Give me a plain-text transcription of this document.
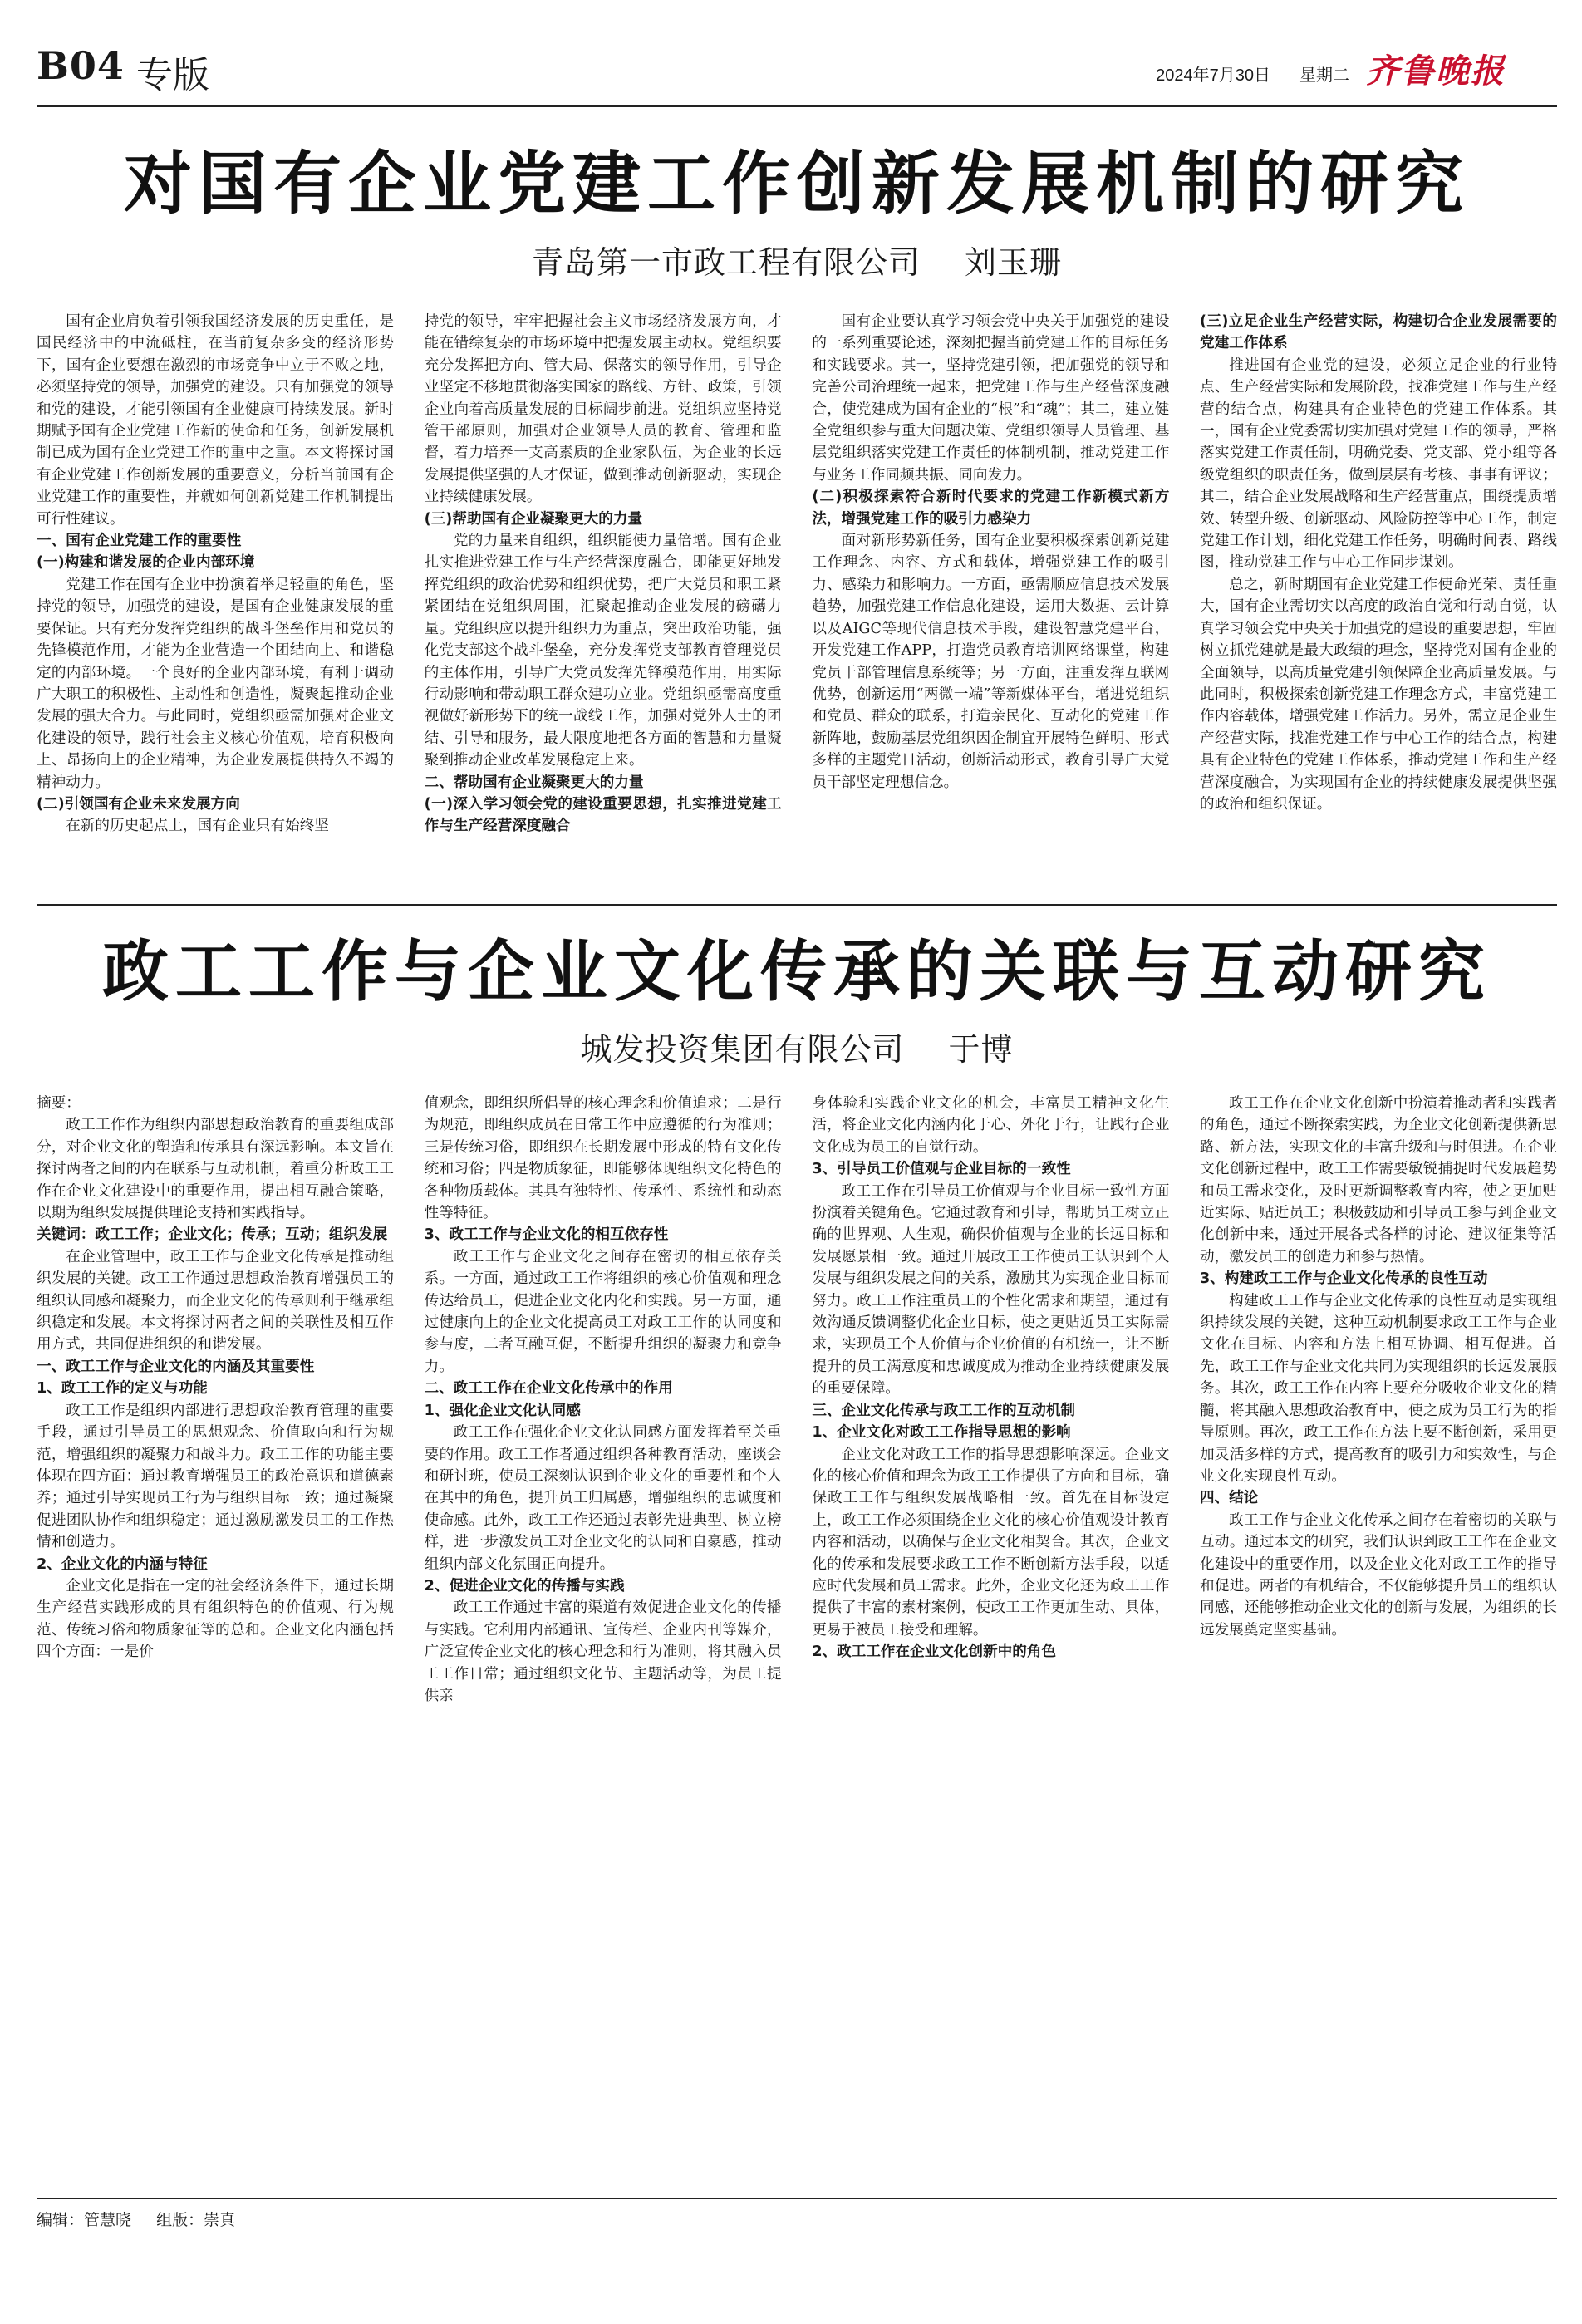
B04 专版	2024年7月30日 星期二 齐鲁晚报
对国有企业党建工作创新发展机制的研究
青岛第一市政工程有限公司 刘玉珊

国有企业肩负着引领我国经济发展的历史重任，是国民经济中的中流砥柱，在当前复杂多变的经济形势下，国有企业要想在激烈的市场竞争中立于不败之地，必须坚持党的领导，加强党的建设。只有加强党的领导和党的建设，才能引领国有企业健康可持续发展。新时期赋予国有企业党建工作新的使命和任务，创新发展机制已成为国有企业党建工作的重中之重。本文将探讨国有企业党建工作创新发展的重要意义，分析当前国有企业党建工作的重要性，并就如何创新党建工作机制提出可行性建议。

一、国有企业党建工作的重要性

(一)构建和谐发展的企业内部环境

党建工作在国有企业中扮演着举足轻重的角色，坚持党的领导，加强党的建设，是国有企业健康发展的重要保证。只有充分发挥党组织的战斗堡垒作用和党员的先锋模范作用，才能为企业营造一个团结向上、和谐稳定的内部环境。一个良好的企业内部环境，有利于调动广大职工的积极性、主动性和创造性，凝聚起推动企业发展的强大合力。与此同时，党组织亟需加强对企业文化建设的领导，践行社会主义核心价值观，培育积极向上、昂扬向上的企业精神，为企业发展提供持久不竭的精神动力。

(二)引领国有企业未来发展方向

在新的历史起点上，国有企业只有始终坚

持党的领导，牢牢把握社会主义市场经济发展方向，才能在错综复杂的市场环境中把握发展主动权。党组织要充分发挥把方向、管大局、保落实的领导作用，引导企业坚定不移地贯彻落实国家的路线、方针、政策，引领企业向着高质量发展的目标阔步前进。党组织应坚持党管干部原则，加强对企业领导人员的教育、管理和监督，着力培养一支高素质的企业家队伍，为企业的长远发展提供坚强的人才保证，做到推动创新驱动，实现企业持续健康发展。

(三)帮助国有企业凝聚更大的力量

党的力量来自组织，组织能使力量倍增。国有企业扎实推进党建工作与生产经营深度融合，即能更好地发挥党组织的政治优势和组织优势，把广大党员和职工紧紧团结在党组织周围，汇聚起推动企业发展的磅礴力量。党组织应以提升组织力为重点，突出政治功能，强化党支部这个战斗堡垒，充分发挥党支部教育管理党员的主体作用，引导广大党员发挥先锋模范作用，用实际行动影响和带动职工群众建功立业。党组织亟需高度重视做好新形势下的统一战线工作，加强对党外人士的团结、引导和服务，最大限度地把各方面的智慧和力量凝聚到推动企业改革发展稳定上来。

二、帮助国有企业凝聚更大的力量

(一)深入学习领会党的建设重要思想，扎实推进党建工作与生产经营深度融合

国有企业要认真学习领会党中央关于加强党的建设的一系列重要论述，深刻把握当前党建工作的目标任务和实践要求。其一，坚持党建引领，把加强党的领导和完善公司治理统一起来，把党建工作与生产经营深度融合，使党建成为国有企业的“根”和“魂”；其二，建立健全党组织参与重大问题决策、党组织领导人员管理、基层党组织落实党建工作责任的体制机制，推动党建工作与业务工作同频共振、同向发力。

(二)积极探索符合新时代要求的党建工作新模式新方法，增强党建工作的吸引力感染力

面对新形势新任务，国有企业要积极探索创新党建工作理念、内容、方式和载体，增强党建工作的吸引力、感染力和影响力。一方面，亟需顺应信息技术发展趋势，加强党建工作信息化建设，运用大数据、云计算以及AIGC等现代信息技术手段，建设智慧党建平台，开发党建工作APP，打造党员教育培训网络课堂，构建党员干部管理信息系统等；另一方面，注重发挥互联网优势，创新运用“两微一端”等新媒体平台，增进党组织和党员、群众的联系，打造亲民化、互动化的党建工作新阵地，鼓励基层党组织因企制宜开展特色鲜明、形式多样的主题党日活动，创新活动形式，教育引导广大党员干部坚定理想信念。

(三)立足企业生产经营实际，构建切合企业发展需要的党建工作体系

推进国有企业党的建设，必须立足企业的行业特点、生产经营实际和发展阶段，找准党建工作与生产经营的结合点，构建具有企业特色的党建工作体系。其一，国有企业党委需切实加强对党建工作的领导，严格落实党建工作责任制，明确党委、党支部、党小组等各级党组织的职责任务，做到层层有考核、事事有评议；其二，结合企业发展战略和生产经营重点，围绕提质增效、转型升级、创新驱动、风险防控等中心工作，制定党建工作计划，细化党建工作任务，明确时间表、路线图，推动党建工作与中心工作同步谋划。

总之，新时期国有企业党建工作使命光荣、责任重大，国有企业需切实以高度的政治自觉和行动自觉，认真学习领会党中央关于加强党的建设的重要思想，牢固树立抓党建就是最大政绩的理念，坚持党对国有企业的全面领导，以高质量党建引领保障企业高质量发展。与此同时，积极探索创新党建工作理念方式，丰富党建工作内容载体，增强党建工作活力。另外，需立足企业生产经营实际，找准党建工作与中心工作的结合点，构建具有企业特色的党建工作体系，推动党建工作和生产经营深度融合，为实现国有企业的持续健康发展提供坚强的政治和组织保证。

政工工作与企业文化传承的关联与互动研究
城发投资集团有限公司 于博

摘要：

政工工作作为组织内部思想政治教育的重要组成部分，对企业文化的塑造和传承具有深远影响。本文旨在探讨两者之间的内在联系与互动机制，着重分析政工工作在企业文化建设中的重要作用，提出相互融合策略，以期为组织发展提供理论支持和实践指导。

关键词：政工工作；企业文化；传承；互动；组织发展

在企业管理中，政工工作与企业文化传承是推动组织发展的关键。政工工作通过思想政治教育增强员工的组织认同感和凝聚力，而企业文化的传承则利于继承组织稳定和发展。本文将探讨两者之间的关联性及相互作用方式，共同促进组织的和谐发展。

一、政工工作与企业文化的内涵及其重要性

1、政工工作的定义与功能

政工工作是组织内部进行思想政治教育管理的重要手段，通过引导员工的思想观念、价值取向和行为规范，增强组织的凝聚力和战斗力。政工工作的功能主要体现在四方面：通过教育增强员工的政治意识和道德素养；通过引导实现员工行为与组织目标一致；通过凝聚促进团队协作和组织稳定；通过激励激发员工的工作热情和创造力。

2、企业文化的内涵与特征

企业文化是指在一定的社会经济条件下，通过长期生产经营实践形成的具有组织特色的价值观、行为规范、传统习俗和物质象征等的总和。企业文化内涵包括四个方面：一是价

值观念，即组织所倡导的核心理念和价值追求；二是行为规范，即组织成员在日常工作中应遵循的行为准则；三是传统习俗，即组织在长期发展中形成的特有文化传统和习俗；四是物质象征，即能够体现组织文化特色的各种物质载体。其具有独特性、传承性、系统性和动态性等特征。

3、政工工作与企业文化的相互依存性

政工工作与企业文化之间存在密切的相互依存关系。一方面，通过政工工作将组织的核心价值观和理念传达给员工，促进企业文化内化和实践。另一方面，通过健康向上的企业文化提高员工对政工工作的认同度和参与度，二者互融互促，不断提升组织的凝聚力和竞争力。

二、政工工作在企业文化传承中的作用

1、强化企业文化认同感

政工工作在强化企业文化认同感方面发挥着至关重要的作用。政工工作者通过组织各种教育活动，座谈会和研讨班，使员工深刻认识到企业文化的重要性和个人在其中的角色，提升员工归属感，增强组织的忠诚度和使命感。此外，政工工作还通过表彰先进典型、树立榜样，进一步激发员工对企业文化的认同和自豪感，推动组织内部文化氛围正向提升。

2、促进企业文化的传播与实践

政工工作通过丰富的渠道有效促进企业文化的传播与实践。它利用内部通讯、宣传栏、企业内刊等媒介，广泛宣传企业文化的核心理念和行为准则，将其融入员工工作日常；通过组织文化节、主题活动等，为员工提供亲

身体验和实践企业文化的机会，丰富员工精神文化生活，将企业文化内涵内化于心、外化于行，让践行企业文化成为员工的自觉行动。

3、引导员工价值观与企业目标的一致性

政工工作在引导员工价值观与企业目标一致性方面扮演着关键角色。它通过教育和引导，帮助员工树立正确的世界观、人生观，确保价值观与企业的长远目标和发展愿景相一致。通过开展政工工作使员工认识到个人发展与组织发展之间的关系，激励其为实现企业目标而努力。政工工作注重员工的个性化需求和期望，通过有效沟通反馈调整优化企业目标，使之更贴近员工实际需求，实现员工个人价值与企业价值的有机统一，让不断提升的员工满意度和忠诚度成为推动企业持续健康发展的重要保障。

三、企业文化传承与政工工作的互动机制

1、企业文化对政工工作指导思想的影响

企业文化对政工工作的指导思想影响深远。企业文化的核心价值和理念为政工工作提供了方向和目标，确保政工工作与组织发展战略相一致。首先在目标设定上，政工工作必须围绕企业文化的核心价值观设计教育内容和活动，以确保与企业文化相契合。其次，企业文化的传承和发展要求政工工作不断创新方法手段，以适应时代发展和员工需求。此外，企业文化还为政工工作提供了丰富的素材案例，使政工工作更加生动、具体，更易于被员工接受和理解。

2、政工工作在企业文化创新中的角色

政工工作在企业文化创新中扮演着推动者和实践者的角色，通过不断探索实践，为企业文化创新提供新思路、新方法，实现文化的丰富升级和与时俱进。在企业文化创新过程中，政工工作需要敏锐捕捉时代发展趋势和员工需求变化，及时更新调整教育内容，使之更加贴近实际、贴近员工；积极鼓励和引导员工参与到企业文化创新中来，通过开展各式各样的讨论、建议征集等活动，激发员工的创造力和参与热情。

3、构建政工工作与企业文化传承的良性互动

构建政工工作与企业文化传承的良性互动是实现组织持续发展的关键，这种互动机制要求政工工作与企业文化在目标、内容和方法上相互协调、相互促进。首先，政工工作与企业文化共同为实现组织的长远发展服务。其次，政工工作在内容上要充分吸收企业文化的精髓，将其融入思想政治教育中，使之成为员工行为的指导原则。再次，政工工作在方法上要不断创新，采用更加灵活多样的方式，提高教育的吸引力和实效性，与企业文化实现良性互动。

四、结论

政工工作与企业文化传承之间存在着密切的关联与互动。通过本文的研究，我们认识到政工工作在企业文化建设中的重要作用，以及企业文化对政工工作的指导和促进。两者的有机结合，不仅能够提升员工的组织认同感，还能够推动企业文化的创新与发展，为组织的长远发展奠定坚实基础。

编辑：管慧晓 组版：崇真
